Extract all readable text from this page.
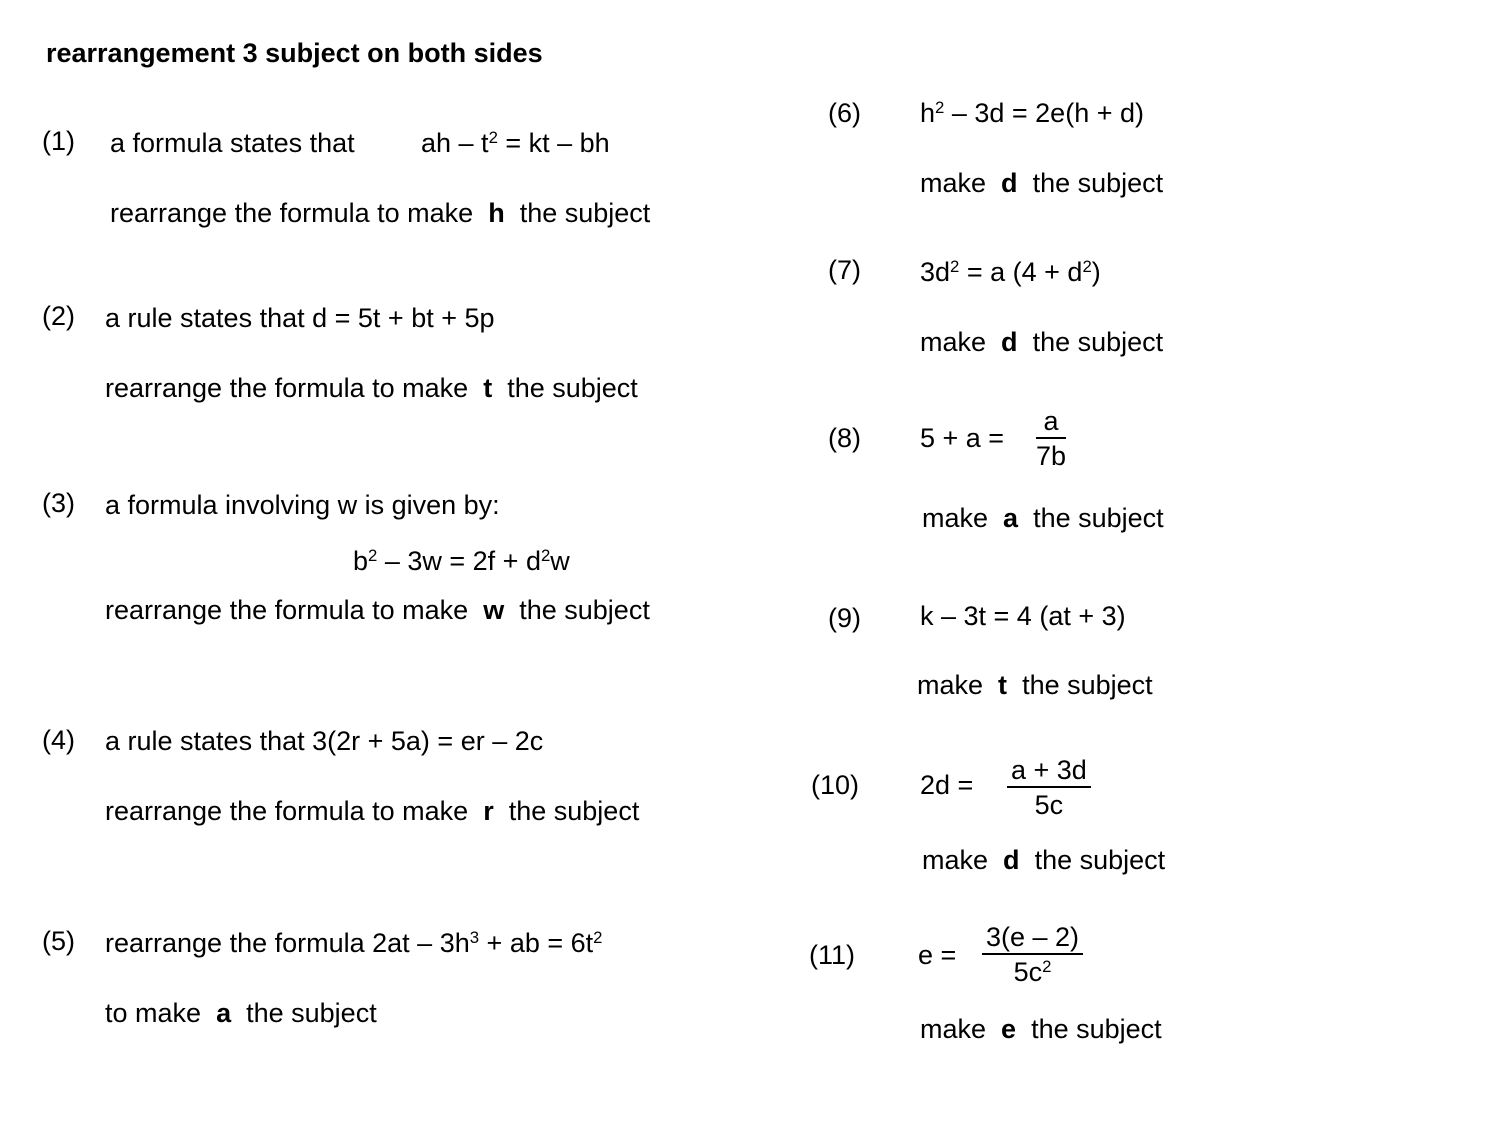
rearrangement 3 subject on both sides
(1) a formula states that ah – $t^2$ = kt – bh
rearrange the formula to make h the subject
(2) a rule states that d = 5t + bt + 5p
rearrange the formula to make t the subject
(3) a formula involving w is given by:
$b^2 - 3w = 2f + d^2w$
rearrange the formula to make w the subject
(4) a rule states that 3(2r + 5a) = er – 2c
rearrange the formula to make r the subject
(5) rearrange the formula $2at - 3h^3$ + ab = $6t^2$
to make a the subject
(6) $h^2 - 3d = 2e(h + d)$
make d the subject
(7) $3d^2 = a$ $(4 + d^2)$
make d the subject
(8) $5 + a = \frac{a}{7b}$
make a the subject
(9) k – 3t = 4 (at + 3)
make t the subject
(10) $2d = \frac{a + 3d}{5c}$
make d the subject
(11) $e = \frac{3(e - 2)}{5c^2}$
make e the subject
